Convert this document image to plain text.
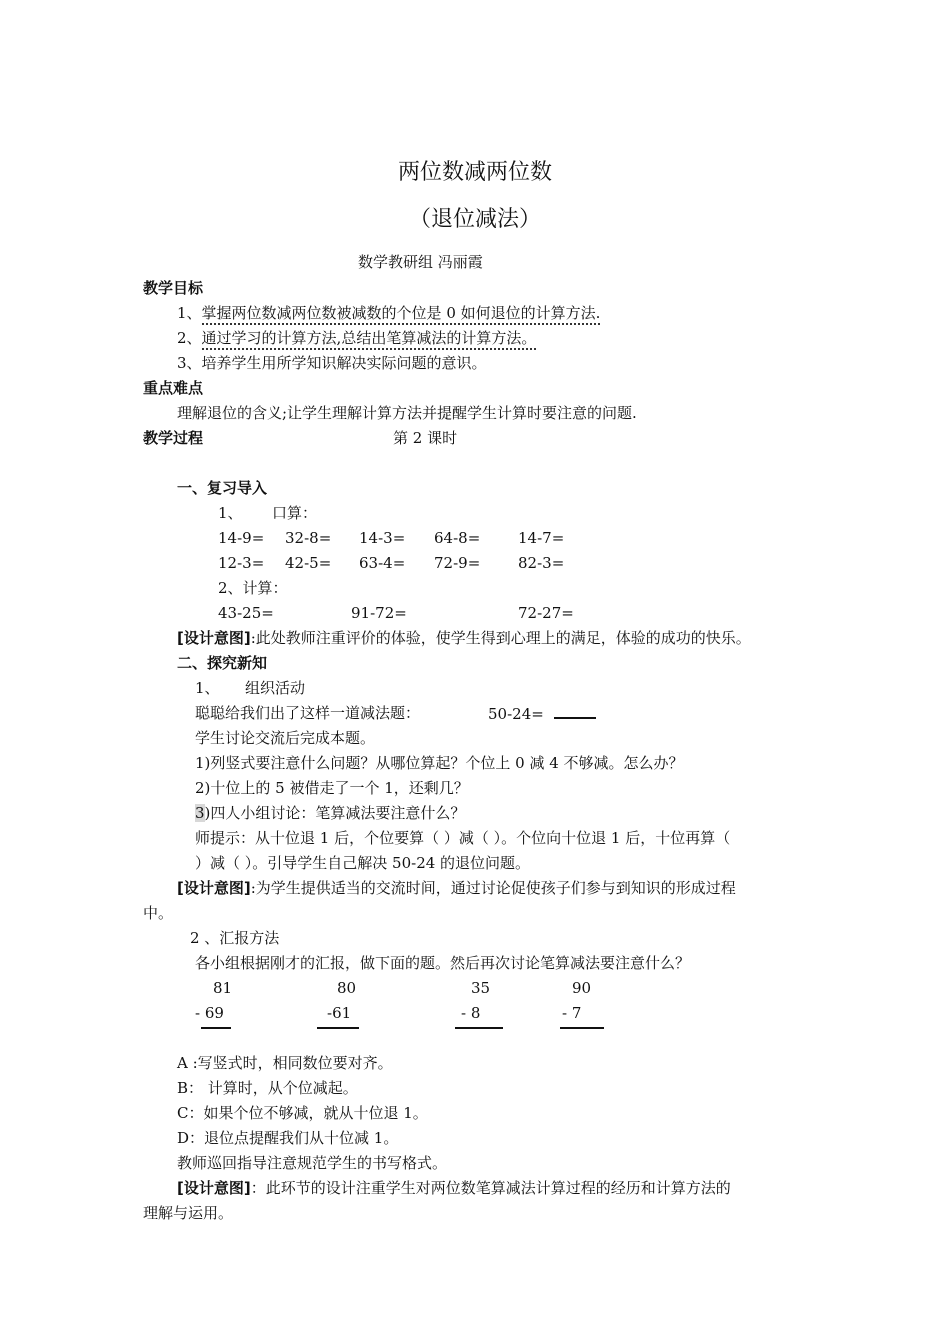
两位数减两位数
（退位减法）
数学教研组 冯丽霞
教学目标
1、掌握两位数减两位数被减数的个位是 0 如何退位的计算方法.
2、通过学习的计算方法,总结出笔算减法的计算方法。
3、培养学生用所学知识解决实际问题的意识。
重点难点
理解退位的含义;让学生理解计算方法并提醒学生计算时要注意的问题.
教学过程	第 2 课时
一、复习导入
1、 口算：
14-9= 32-8= 14-3= 64-8=	14-7=
12-3= 42-5= 63-4= 72-9=	82-3=
2、计算：
43-25=	91-72=	72-27=
[设计意图]:此处教师注重评价的体验，使学生得到心理上的满足，体验的成功的快乐。
二、探究新知
1、 组织活动
聪聪给我们出了这样一道减法题：	50-24=
学生讨论交流后完成本题。
1)列竖式要注意什么问题？从哪位算起？个位上 0 减 4 不够减。怎么办？
2)十位上的 5 被借走了一个 1，还剩几？
3)四人小组讨论：笔算减法要注意什么？
师提示：从十位退 1 后，个位要算（ ）减（ ）。个位向十位退 1 后，十位再算（
）减（ ）。引导学生自己解决 50-24 的退位问题。
[设计意图]:为学生提供适当的交流时间，通过讨论促使孩子们参与到知识的形成过程
中。
2 、汇报方法
各小组根据刚才的汇报，做下面的题。然后再次讨论笔算减法要注意什么？
81
- 69
80
-61
35
- 8
90
- 7
A :写竖式时，相同数位要对齐。
B： 计算时，从个位减起。
C：如果个位不够减，就从十位退 1。
D：退位点提醒我们从十位减 1。
教师巡回指导注意规范学生的书写格式。
[设计意图]：此环节的设计注重学生对两位数笔算减法计算过程的经历和计算方法的
理解与运用。
